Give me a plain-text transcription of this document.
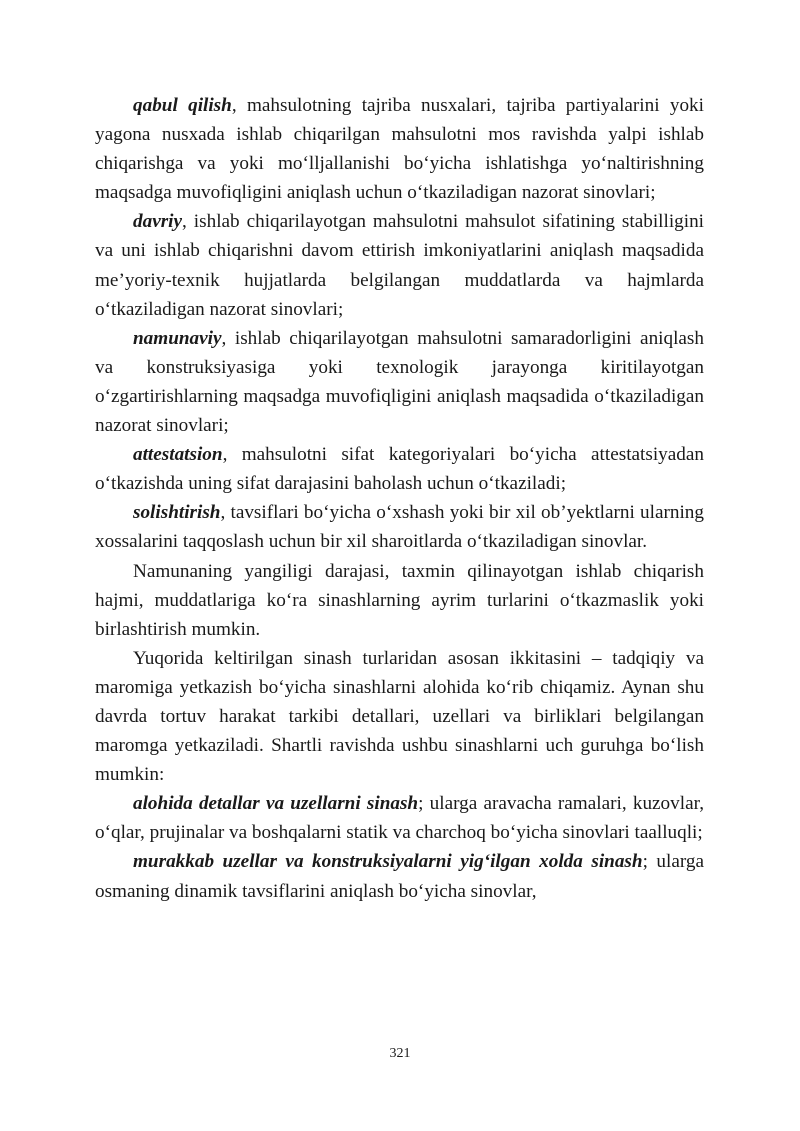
qabul qilish, mahsulotning tajriba nusxalari, tajriba partiyalarini yoki yagona nusxada ishlab chiqarilgan mahsulotni mos ravishda yalpi ishlab chiqarishga va yoki mo‘lljallanishi bo‘yicha ishlatishga yo‘naltirishning maqsadga muvofiqligini aniqlash uchun o‘tkaziladigan nazorat sinovlari;

davriy, ishlab chiqarilayotgan mahsulotni mahsulot sifatining stabilligini va uni ishlab chiqarishni davom ettirish imkoniyatlarini aniqlash maqsadida me’yoriy-texnik hujjatlarda belgilangan muddatlarda va hajmlarda o‘tkaziladigan nazorat sinovlari;

namunaviy, ishlab chiqarilayotgan mahsulotni samaradorligini aniqlash va konstruksiyasiga yoki texnologik jarayonga kiritilayotgan o‘zgartirishlarning maqsadga muvofiqligini aniqlash maqsadida o‘tkaziladigan nazorat sinovlari;

attestatsion, mahsulotni sifat kategoriyalari bo‘yicha attestatsiyadan o‘tkazishda uning sifat darajasini baholash uchun o‘tkaziladi;

solishtirish, tavsiflari bo‘yicha o‘xshash yoki bir xil ob’yektlarni ularning xossalarini taqqoslash uchun bir xil sharoitlarda o‘tkaziladigan sinovlar.

Namunaning yangiligi darajasi, taxmin qilinayotgan ishlab chiqarish hajmi, muddatlariga ko‘ra sinashlarning ayrim turlarini o‘tkazmaslik yoki birlashtirish mumkin.

Yuqorida keltirilgan sinash turlaridan asosan ikkitasini – tadqiqiy va maromiga yetkazish bo‘yicha sinashlarni alohida ko‘rib chiqamiz. Aynan shu davrda tortuv harakat tarkibi detallari, uzellari va birliklari belgilangan maromga yetkaziladi. Shartli ravishda ushbu sinashlarni uch guruhga bo‘lish mumkin:

alohida detallar va uzellarni sinash; ularga aravacha ramalari, kuzovlar, o‘qlar, prujinalar va boshqalarni statik va charchoq bo‘yicha sinovlari taalluqli;

murakkab uzellar va konstruksiyalarni yig‘ilgan xolda sinash; ularga osmaning dinamik tavsiflarini aniqlash bo‘yicha sinovlar,

321
